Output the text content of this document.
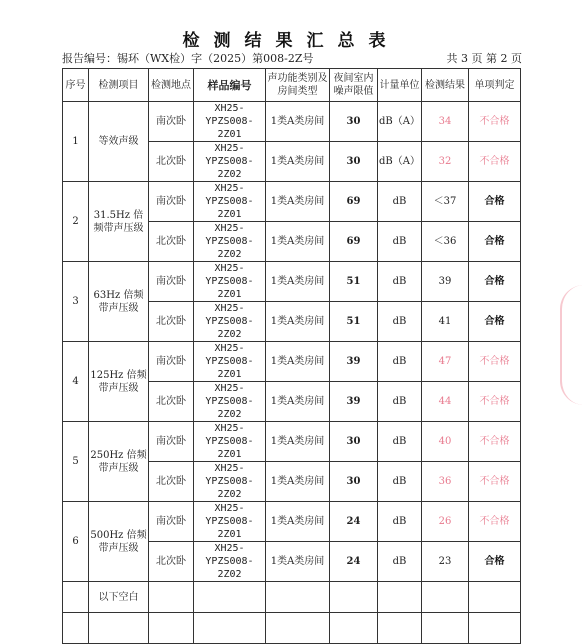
检测结果汇总表
报告编号：锡环（WX检）字（2025）第008-2Z号	共 3 页 第 2 页
序号	检测项目	检测地点	样品编号	声功能类别及房间类型	夜间室内噪声限值	计量单位	检测结果	单项判定
1	等效声级	南次卧	XH25-YPZS008-2Z01	1类A类房间	30	dB（A）	34	不合格
		北次卧	XH25-YPZS008-2Z02	1类A类房间	30	dB（A）	32	不合格
2	31.5Hz 倍频带声压级	南次卧	XH25-YPZS008-2Z01	1类A类房间	69	dB	＜37	合格
		北次卧	XH25-YPZS008-2Z02	1类A类房间	69	dB	＜36	合格
3	63Hz 倍频带声压级	南次卧	XH25-YPZS008-2Z01	1类A类房间	51	dB	39	合格
		北次卧	XH25-YPZS008-2Z02	1类A类房间	51	dB	41	合格
4	125Hz 倍频带声压级	南次卧	XH25-YPZS008-2Z01	1类A类房间	39	dB	47	不合格
		北次卧	XH25-YPZS008-2Z02	1类A类房间	39	dB	44	不合格
5	250Hz 倍频带声压级	南次卧	XH25-YPZS008-2Z01	1类A类房间	30	dB	40	不合格
		北次卧	XH25-YPZS008-2Z02	1类A类房间	30	dB	36	不合格
6	500Hz 倍频带声压级	南次卧	XH25-YPZS008-2Z01	1类A类房间	24	dB	26	不合格
		北次卧	XH25-YPZS008-2Z02	1类A类房间	24	dB	23	合格
	以下空白							
